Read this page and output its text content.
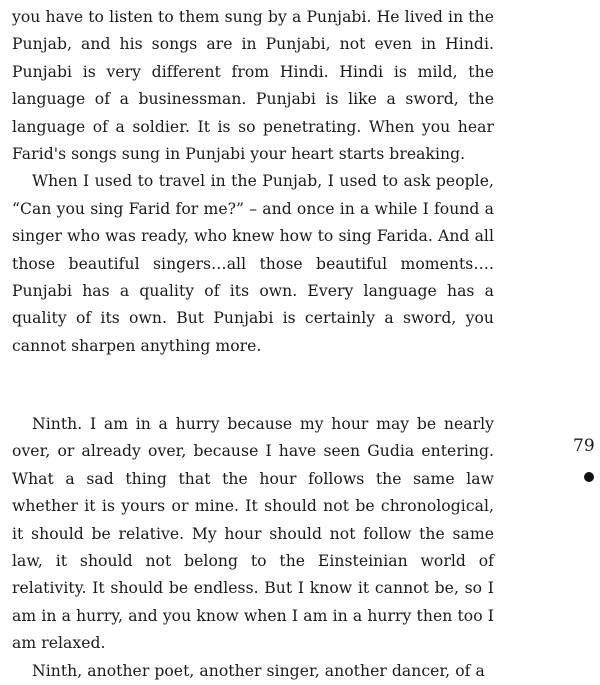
you have to listen to them sung by a Punjabi. He lived in the Punjab, and his songs are in Punjabi, not even in Hindi. Punjabi is very different from Hindi. Hindi is mild, the language of a businessman. Punjabi is like a sword, the language of a soldier. It is so penetrating. When you hear Farid's songs sung in Punjabi your heart starts breaking.

When I used to travel in the Punjab, I used to ask people, “Can you sing Farid for me?” – and once in a while I found a singer who was ready, who knew how to sing Farida. And all those beautiful singers…all those beautiful moments…. Punjabi has a quality of its own. Every language has a quality of its own. But Punjabi is certainly a sword, you cannot sharpen anything more.

Ninth. I am in a hurry because my hour may be nearly over, or already over, because I have seen Gudia entering. What a sad thing that the hour follows the same law whether it is yours or mine. It should not be chronological, it should be relative. My hour should not follow the same law, it should not belong to the Einsteinian world of relativity. It should be endless. But I know it cannot be, so I am in a hurry, and you know when I am in a hurry then too I am relaxed.

Ninth, another poet, another singer, another dancer, of a

79
